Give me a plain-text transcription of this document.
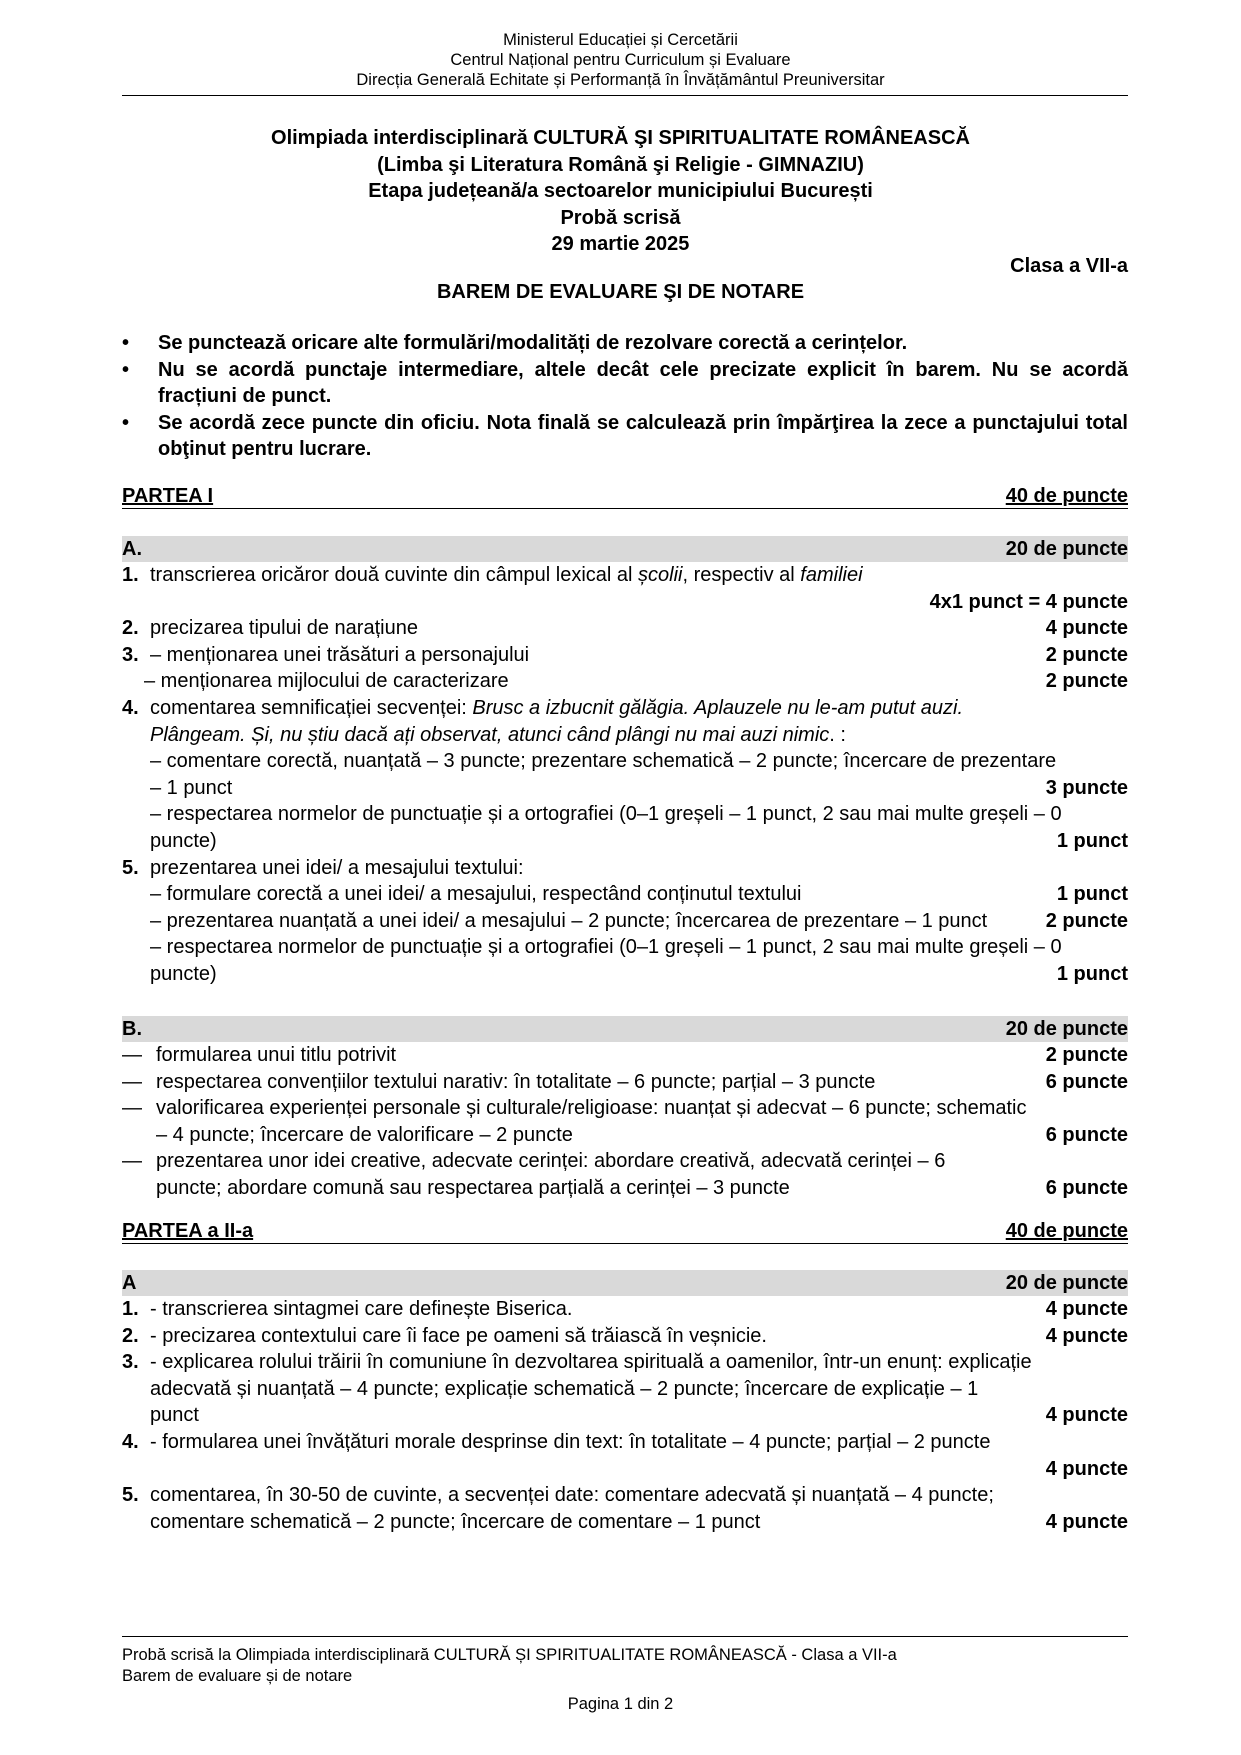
Ministerul Educației și Cercetării
Centrul Național pentru Curriculum și Evaluare
Direcția Generală Echitate și Performanță în Învățământul Preuniversitar
Olimpiada interdisciplinară CULTURĂ ŞI SPIRITUALITATE ROMÂNEASCĂ
(Limba şi Literatura Română şi Religie - GIMNAZIU)
Etapa județeană/a sectoarelor municipiului București
Probă scrisă
29 martie 2025
Clasa a VII-a
BAREM DE EVALUARE ŞI DE NOTARE
•	Se punctează oricare alte formulări/modalități de rezolvare corectă a cerințelor.
•	Nu se acordă punctaje intermediare, altele decât cele precizate explicit în barem. Nu se acordă fracțiuni de punct.
•	Se acordă zece puncte din oficiu. Nota finală se calculează prin împărţirea la zece a punctajului total obţinut pentru lucrare.
PARTEA I	40 de puncte
A.	20 de puncte
1. transcrierea oricăror două cuvinte din câmpul lexical al școlii, respectiv al familiei
4x1 punct = 4 puncte
2. precizarea tipului de narațiune	4 puncte
3. – menționarea unei trăsături a personajului	2 puncte
– menționarea mijlocului de caracterizare	2 puncte
4. comentarea semnificației secvenței: Brusc a izbucnit gălăgia. Aplauzele nu le-am putut auzi.
Plângeam. Și, nu știu dacă ați observat, atunci când plângi nu mai auzi nimic. :
– comentare corectă, nuanțată – 3 puncte; prezentare schematică – 2 puncte; încercare de prezentare
– 1 punct	3 puncte
– respectarea normelor de punctuație și a ortografiei (0–1 greșeli – 1 punct, 2 sau mai multe greșeli – 0
puncte)	1 punct
5. prezentarea unei idei/ a mesajului textului:
– formulare corectă a unei idei/ a mesajului, respectând conținutul textului	1 punct
– prezentarea nuanțată a unei idei/ a mesajului – 2 puncte; încercarea de prezentare – 1 punct	2 puncte
– respectarea normelor de punctuație și a ortografiei (0–1 greșeli – 1 punct, 2 sau mai multe greșeli – 0
puncte)	1 punct
B.	20 de puncte
— formularea unui titlu potrivit	2 puncte
— respectarea convențiilor textului narativ: în totalitate – 6 puncte; parțial – 3 puncte	6 puncte
— valorificarea experienței personale și culturale/religioase: nuanțat și adecvat – 6 puncte; schematic
– 4 puncte; încercare de valorificare – 2 puncte	6 puncte
— prezentarea unor idei creative, adecvate cerinței: abordare creativă, adecvată cerinței – 6
puncte; abordare comună sau respectarea parțială a cerinței – 3 puncte	6 puncte
PARTEA a II-a	40 de puncte
A	20 de puncte
1. - transcrierea sintagmei care definește Biserica.	4 puncte
2. - precizarea contextului care îi face pe oameni să trăiască în veșnicie.	4 puncte
3. - explicarea rolului trăirii în comuniune în dezvoltarea spirituală a oamenilor, într-un enunț: explicație
adecvată și nuanțată – 4 puncte; explicație schematică – 2 puncte; încercare de explicație – 1
punct	4 puncte
4. - formularea unei învățături morale desprinse din text: în totalitate – 4 puncte; parțial – 2 puncte
4 puncte
5. comentarea, în 30-50 de cuvinte, a secvenței date: comentare adecvată și nuanțată – 4 puncte;
comentare schematică – 2 puncte; încercare de comentare – 1 punct	4 puncte
Probă scrisă la Olimpiada interdisciplinară CULTURĂ ȘI SPIRITUALITATE ROMÂNEASCĂ - Clasa a VII-a
Barem de evaluare și de notare
Pagina 1 din 2
